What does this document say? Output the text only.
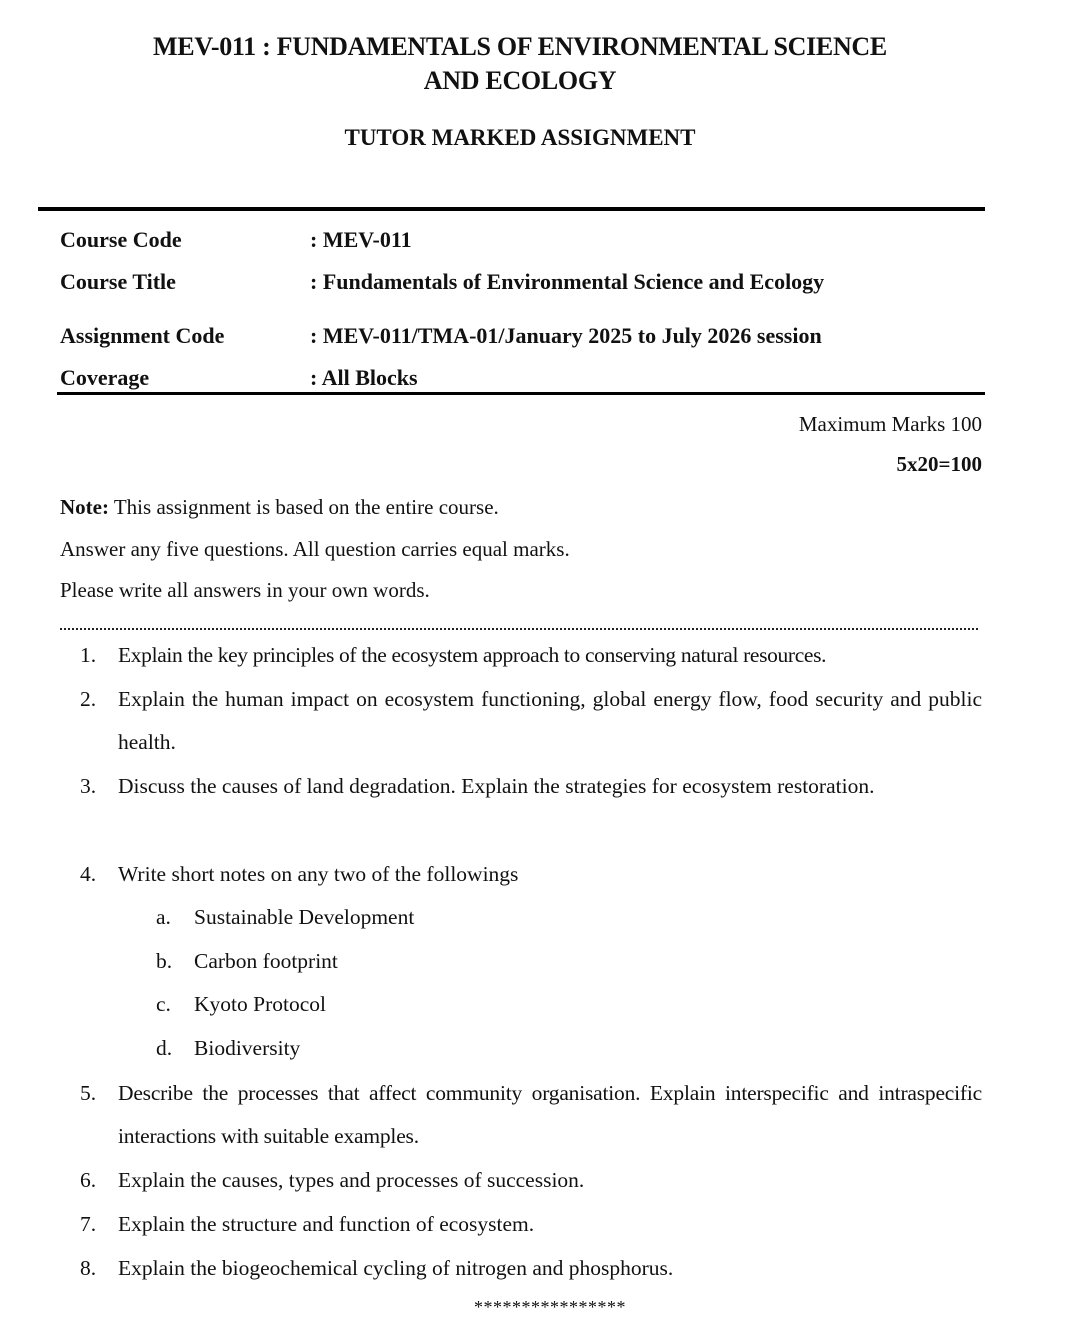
MEV-011 : FUNDAMENTALS OF ENVIRONMENTAL SCIENCE
AND ECOLOGY
TUTOR MARKED ASSIGNMENT
Course Code	: MEV-011
Course Title	: Fundamentals of Environmental Science and Ecology
Assignment Code	: MEV-011/TMA-01/January 2025 to July 2026 session
Coverage	: All Blocks
Maximum Marks 100
5x20=100
Note: This assignment is based on the entire course.
Answer any five questions. All question carries equal marks.
Please write all answers in your own words.
1. Explain the key principles of the ecosystem approach to conserving natural resources.
2. Explain the human impact on ecosystem functioning, global energy flow, food security and public health.
3. Discuss the causes of land degradation. Explain the strategies for ecosystem restoration.
4. Write short notes on any two of the followings
a. Sustainable Development
b. Carbon footprint
c. Kyoto Protocol
d. Biodiversity
5. Describe the processes that affect community organisation. Explain interspecific and intraspecific interactions with suitable examples.
6. Explain the causes, types and processes of succession.
7. Explain the structure and function of ecosystem.
8. Explain the biogeochemical cycling of nitrogen and phosphorus.
****************
